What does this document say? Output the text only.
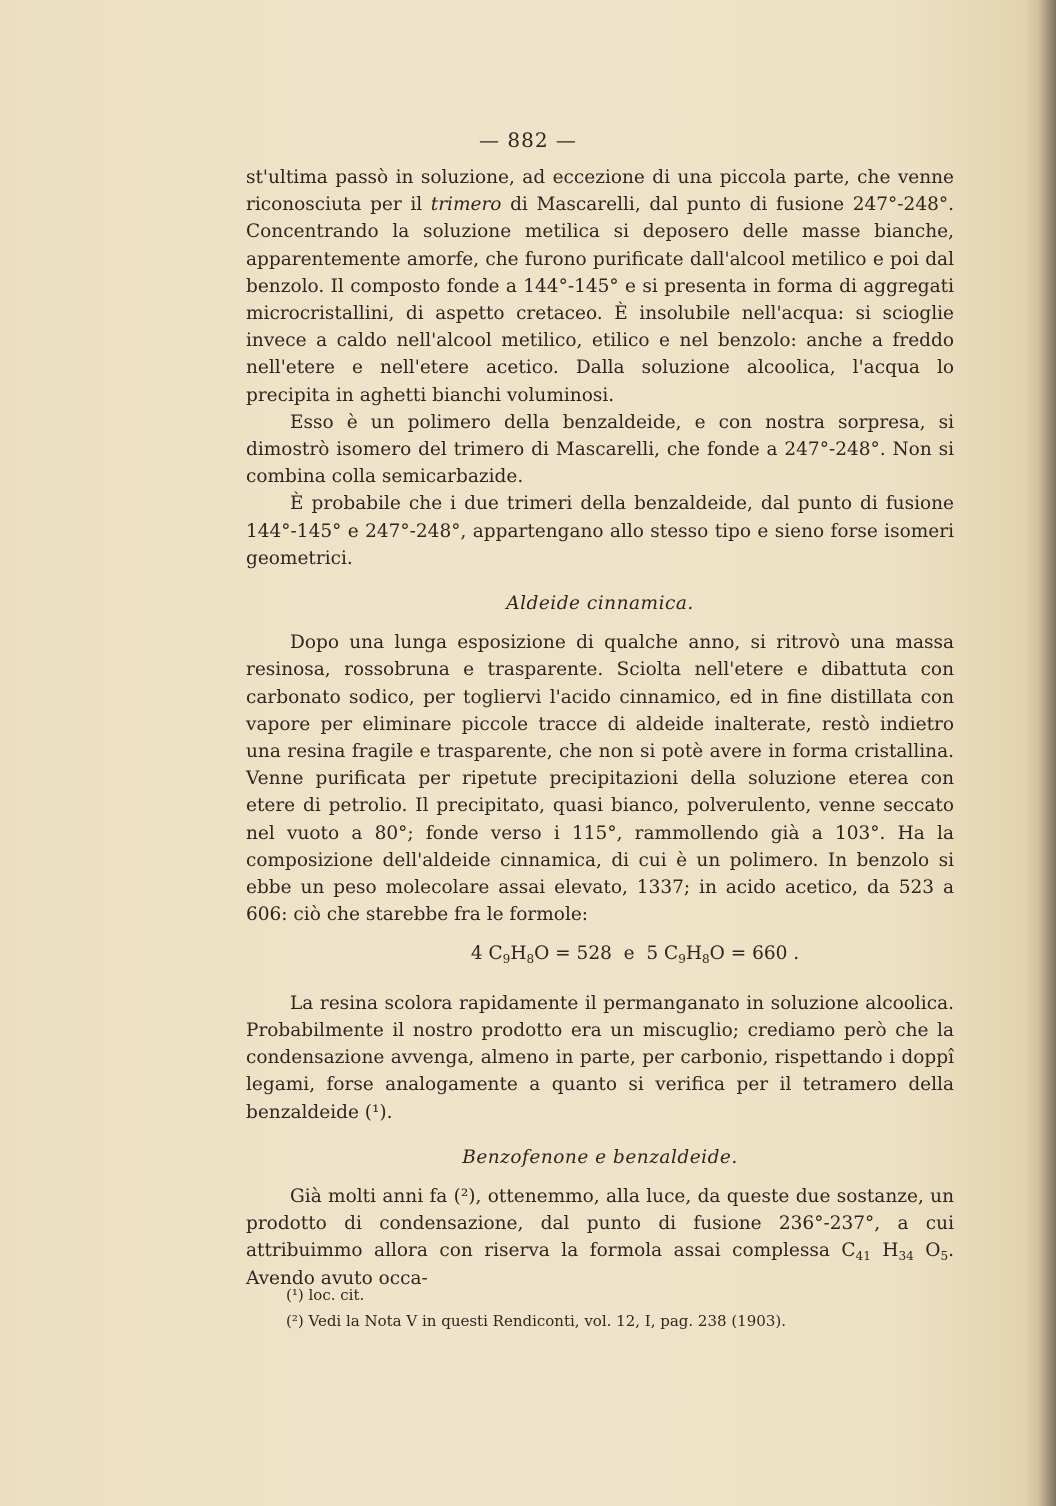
— 882 —

st'ultima passò in soluzione, ad eccezione di una piccola parte, che venne riconosciuta per il trimero di Mascarelli, dal punto di fusione 247°-248°. Concentrando la soluzione metilica si deposero delle masse bianche, apparentemente amorfe, che furono purificate dall'alcool metilico e poi dal benzolo. Il composto fonde a 144°-145° e si presenta in forma di aggregati microcristallini, di aspetto cretaceo. È insolubile nell'acqua: si scioglie invece a caldo nell'alcool metilico, etilico e nel benzolo: anche a freddo nell'etere e nell'etere acetico. Dalla soluzione alcoolica, l'acqua lo precipita in aghetti bianchi voluminosi.

Esso è un polimero della benzaldeide, e con nostra sorpresa, si dimostrò isomero del trimero di Mascarelli, che fonde a 247°-248°. Non si combina colla semicarbazide.

È probabile che i due trimeri della benzaldeide, dal punto di fusione 144°-145° e 247°-248°, appartengano allo stesso tipo e sieno forse isomeri geometrici.

Aldeide cinnamica.

Dopo una lunga esposizione di qualche anno, si ritrovò una massa resinosa, rossobruna e trasparente. Sciolta nell'etere e dibattuta con carbonato sodico, per togliervi l'acido cinnamico, ed in fine distillata con vapore per eliminare piccole tracce di aldeide inalterate, restò indietro una resina fragile e trasparente, che non si potè avere in forma cristallina. Venne purificata per ripetute precipitazioni della soluzione eterea con etere di petrolio. Il precipitato, quasi bianco, polverulento, venne seccato nel vuoto a 80°; fonde verso i 115°, rammollendo già a 103°. Ha la composizione dell'aldeide cinnamica, di cui è un polimero. In benzolo si ebbe un peso molecolare assai elevato, 1337; in acido acetico, da 523 a 606: ciò che starebbe fra le formole:

4 $C_9H_8O = 528$ e 5 $C_9H_8O = 660$ .

La resina scolora rapidamente il permanganato in soluzione alcoolica. Probabilmente il nostro prodotto era un miscuglio; crediamo però che la condensazione avvenga, almeno in parte, per carbonio, rispettando i doppî legami, forse analogamente a quanto si verifica per il tetramero della benzaldeide (¹).

Benzofenone e benzaldeide.

Già molti anni fa (²), ottenemmo, alla luce, da queste due sostanze, un prodotto di condensazione, dal punto di fusione 236°-237°, a cui attribuimmo allora con riserva la formola assai complessa $C_{41}$ $H_{34}$ $O_5$. Avendo avuto occa-

(¹) loc. cit.

(²) Vedi la Nota V in questi Rendiconti, vol. 12, I, pag. 238 (1903).
